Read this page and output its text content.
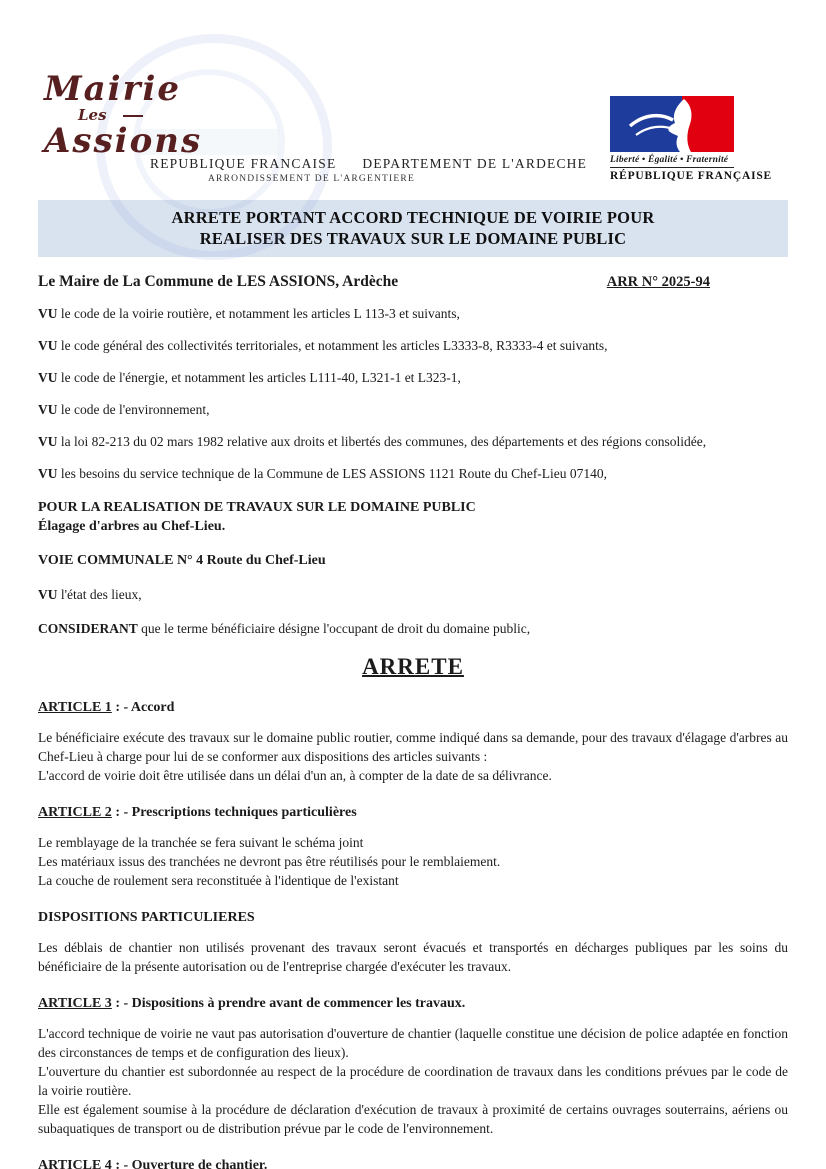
Mairie
Les
Assions
REPUBLIQUE FRANCAISE DEPARTEMENT DE L'ARDECHE
ARRONDISSEMENT DE L'ARGENTIERE
Liberté • Égalité • Fraternité
RÉPUBLIQUE FRANÇAISE
ARRETE PORTANT ACCORD TECHNIQUE DE VOIRIE POUR
REALISER DES TRAVAUX SUR LE DOMAINE PUBLIC
Le Maire de La Commune de LES ASSIONS, Ardèche	ARR N° 2025-94

VU le code de la voirie routière, et notamment les articles L 113-3 et suivants,

VU le code général des collectivités territoriales, et notamment les articles L3333-8, R3333-4 et suivants,

VU le code de l'énergie, et notamment les articles L111-40, L321-1 et L323-1,

VU le code de l'environnement,

VU la loi 82-213 du 02 mars 1982 relative aux droits et libertés des communes, des départements et des régions consolidée,

VU les besoins du service technique de la Commune de LES ASSIONS 1121 Route du Chef-Lieu 07140,

POUR LA REALISATION DE TRAVAUX SUR LE DOMAINE PUBLIC
Élagage d'arbres au Chef-Lieu.
VOIE COMMUNALE N° 4 Route du Chef-Lieu

VU l'état des lieux,

CONSIDERANT que le terme bénéficiaire désigne l'occupant de droit du domaine public,

ARRETE
ARTICLE 1 : - Accord

Le bénéficiaire exécute des travaux sur le domaine public routier, comme indiqué dans sa demande, pour des travaux d'élagage d'arbres au Chef-Lieu à charge pour lui de se conformer aux dispositions des articles suivants :

L'accord de voirie doit être utilisée dans un délai d'un an, à compter de la date de sa délivrance.

ARTICLE 2 : - Prescriptions techniques particulières

Le remblayage de la tranchée se fera suivant le schéma joint

Les matériaux issus des tranchées ne devront pas être réutilisés pour le remblaiement.

La couche de roulement sera reconstituée à l'identique de l'existant

DISPOSITIONS PARTICULIERES

Les déblais de chantier non utilisés provenant des travaux seront évacués et transportés en décharges publiques par les soins du bénéficiaire de la présente autorisation ou de l'entreprise chargée d'exécuter les travaux.

ARTICLE 3 : - Dispositions à prendre avant de commencer les travaux.

L'accord technique de voirie ne vaut pas autorisation d'ouverture de chantier (laquelle constitue une décision de police adaptée en fonction des circonstances de temps et de configuration des lieux).

L'ouverture du chantier est subordonnée au respect de la procédure de coordination de travaux dans les conditions prévues par le code de la voirie routière.

Elle est également soumise à la procédure de déclaration d'exécution de travaux à proximité de certains ouvrages souterrains, aériens ou subaquatiques de transport ou de distribution prévue par le code de l'environnement.

ARTICLE 4 : - Ouverture de chantier.
